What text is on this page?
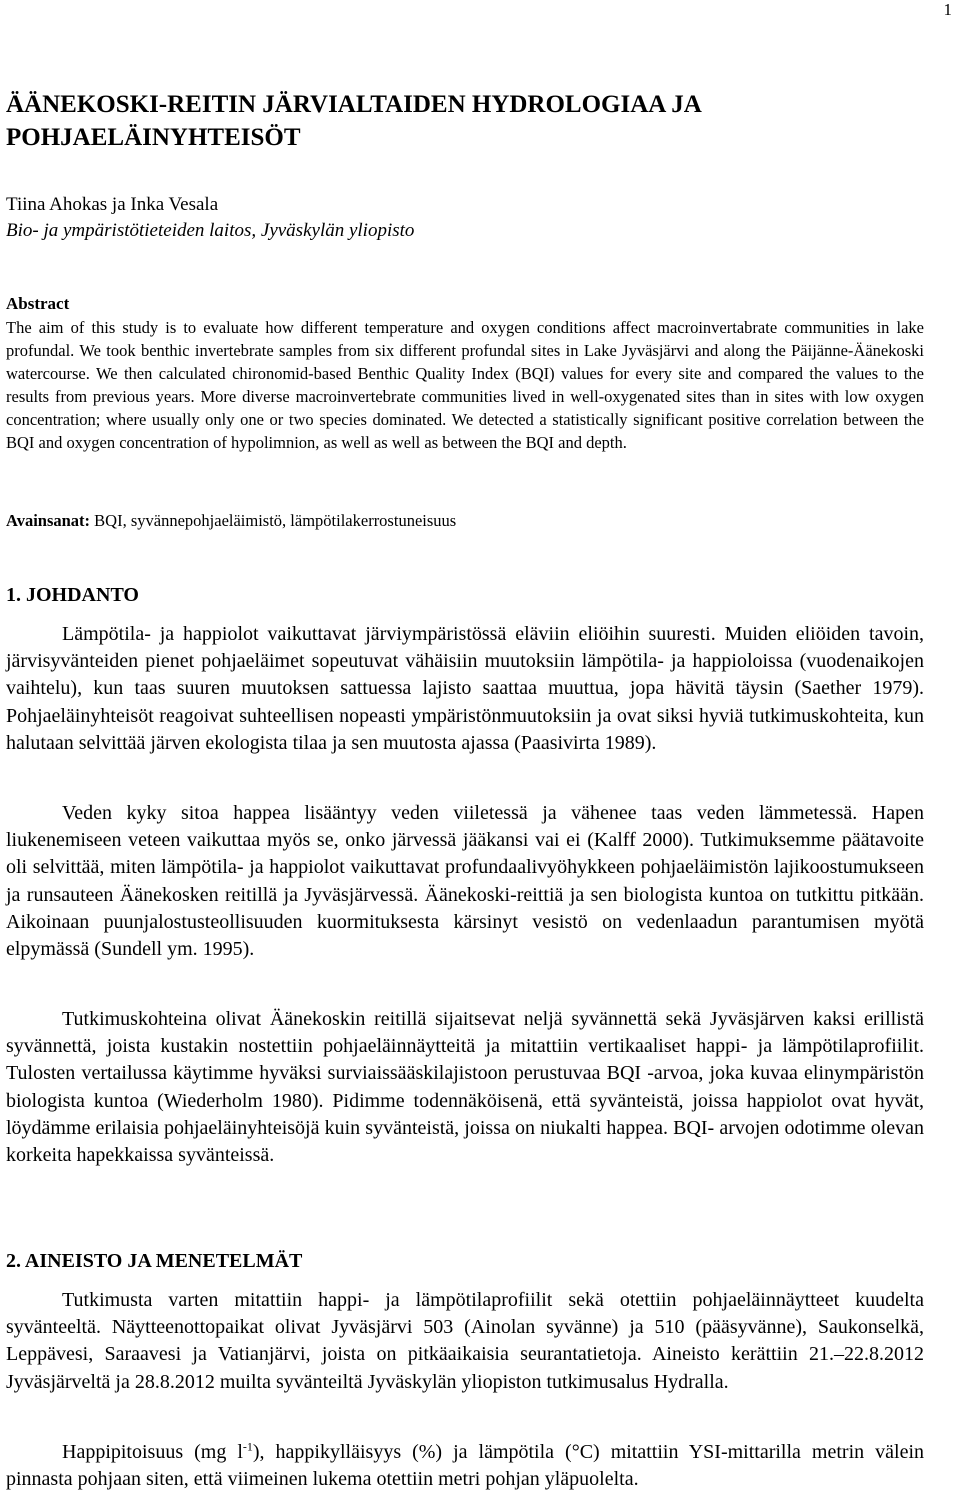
1
ÄÄNEKOSKI-REITIN JÄRVIALTAIDEN HYDROLOGIAA JA
POHJAELÄINYHTEISÖT
Tiina Ahokas ja Inka Vesala
Bio- ja ympäristötieteiden laitos, Jyväskylän yliopisto
Abstract

The aim of this study is to evaluate how different temperature and oxygen conditions affect macroinvertabrate communities in lake profundal. We took benthic invertebrate samples from six different profundal sites in Lake Jyväsjärvi and along the Päijänne-Äänekoski watercourse. We then calculated chironomid-based Benthic Quality Index (BQI) values for every site and compared the values to the results from previous years. More diverse macroinvertebrate communities lived in well-oxygenated sites than in sites with low oxygen concentration; where usually only one or two species dominated. We detected a statistically significant positive correlation between the BQI and oxygen concentration of hypolimnion, as well as well as between the BQI and depth.

Avainsanat: BQI, syvännepohjaeläimistö, lämpötilakerrostuneisuus
1. JOHDANTO

Lämpötila- ja happiolot vaikuttavat järviympäristössä eläviin eliöihin suuresti. Muiden eliöiden tavoin, järvisyvänteiden pienet pohjaeläimet sopeutuvat vähäisiin muutoksiin lämpötila- ja happioloissa (vuodenaikojen vaihtelu), kun taas suuren muutoksen sattuessa lajisto saattaa muuttua, jopa hävitä täysin (Saether 1979). Pohjaeläinyhteisöt reagoivat suhteellisen nopeasti ympäristönmuutoksiin ja ovat siksi hyviä tutkimuskohteita, kun halutaan selvittää järven ekologista tilaa ja sen muutosta ajassa (Paasivirta 1989).

Veden kyky sitoa happea lisääntyy veden viiletessä ja vähenee taas veden lämmetessä. Hapen liukenemiseen veteen vaikuttaa myös se, onko järvessä jääkansi vai ei (Kalff 2000). Tutkimuksemme päätavoite oli selvittää, miten lämpötila- ja happiolot vaikuttavat profundaalivyöhykkeen pohjaeläimistön lajikoostumukseen ja runsauteen Äänekosken reitillä ja Jyväsjärvessä. Äänekoski-reittiä ja sen biologista kuntoa on tutkittu pitkään. Aikoinaan puunjalostusteollisuuden kuormituksesta kärsinyt vesistö on vedenlaadun parantumisen myötä elpymässä (Sundell ym. 1995).

Tutkimuskohteina olivat Äänekoskin reitillä sijaitsevat neljä syvännettä sekä Jyväsjärven kaksi erillistä syvännettä, joista kustakin nostettiin pohjaeläinnäytteitä ja mitattiin vertikaaliset happi- ja lämpötilaprofiilit. Tulosten vertailussa käytimme hyväksi surviaissääskilajistoon perustuvaa BQI -arvoa, joka kuvaa elinympäristön biologista kuntoa (Wiederholm 1980). Pidimme todennäköisenä, että syvänteistä, joissa happiolot ovat hyvät, löydämme erilaisia pohjaeläinyhteisöjä kuin syvänteistä, joissa on niukalti happea. BQI- arvojen odotimme olevan korkeita hapekkaissa syvänteissä.

2. AINEISTO JA MENETELMÄT

Tutkimusta varten mitattiin happi- ja lämpötilaprofiilit sekä otettiin pohjaeläinnäytteet kuudelta syvänteeltä. Näytteenottopaikat olivat Jyväsjärvi 503 (Ainolan syvänne) ja 510 (pääsyvänne), Saukonselkä, Leppävesi, Saraavesi ja Vatianjärvi, joista on pitkäaikaisia seurantatietoja. Aineisto kerättiin 21.–22.8.2012 Jyväsjärveltä ja 28.8.2012 muilta syvänteiltä Jyväskylän yliopiston tutkimusalus Hydralla.

Happipitoisuus (mg $l^{-1}$), happikylläisyys (%) ja lämpötila (°C) mitattiin YSI-mittarilla metrin välein pinnasta pohjaan siten, että viimeinen lukema otettiin metri pohjan yläpuolelta.
